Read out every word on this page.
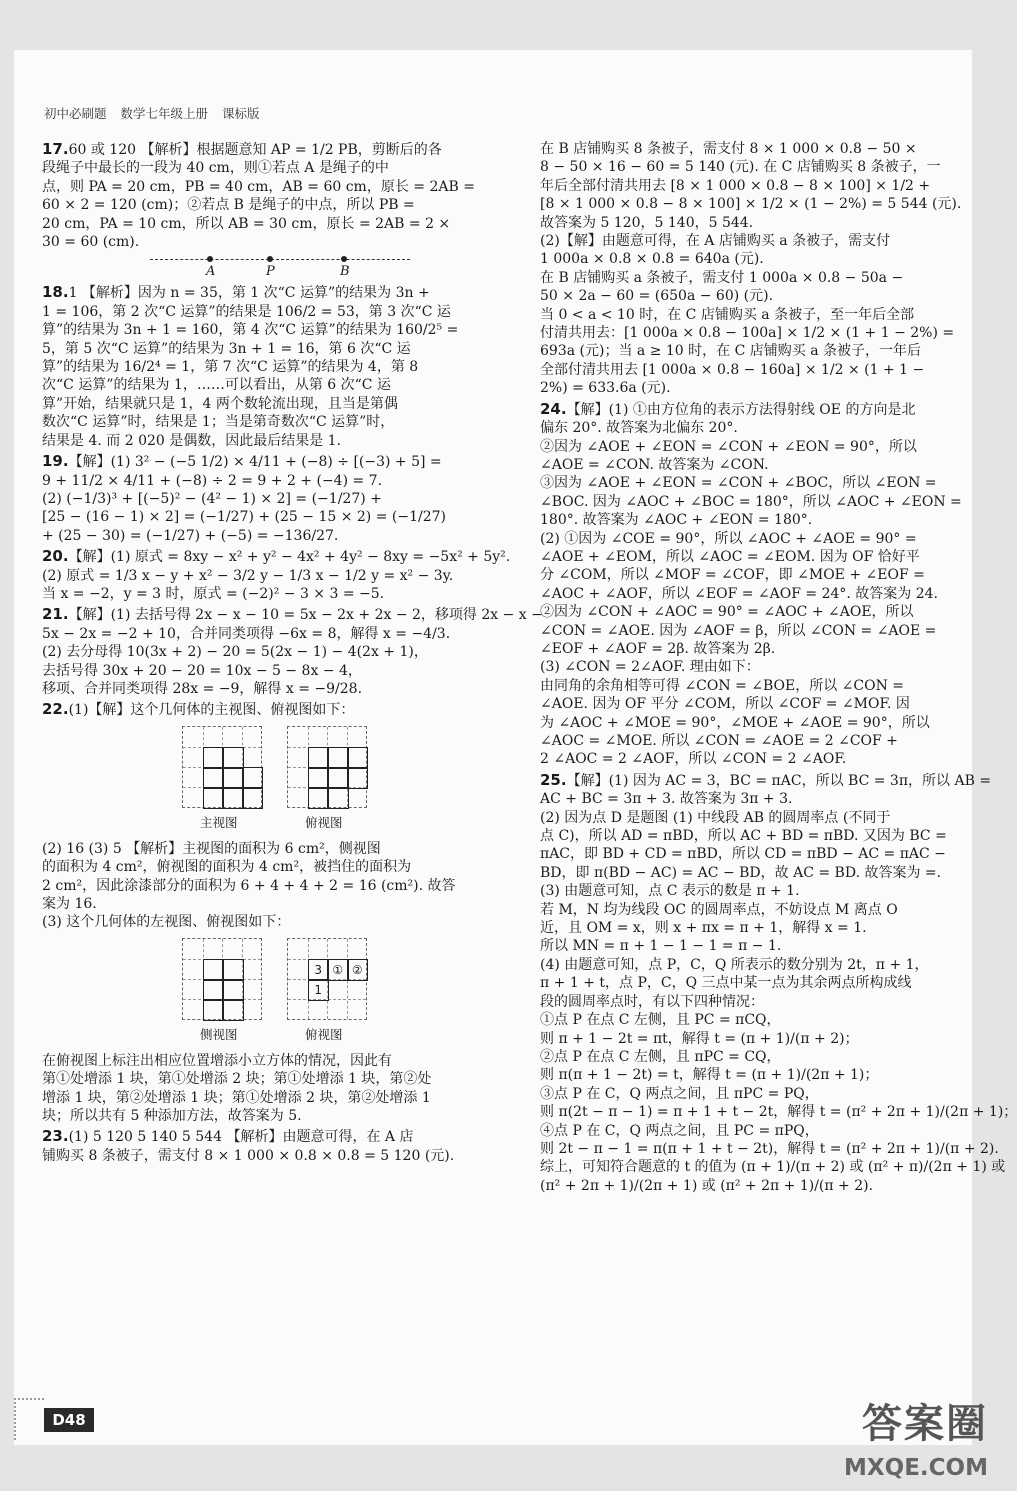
初中必刷题 数学七年级上册 课标版
17.60 或 120 【解析】根据题意知 AP = 1/2 PB，剪断后的各
段绳子中最长的一段为 40 cm，则①若点 A 是绳子的中
点，则 PA = 20 cm，PB = 40 cm，AB = 60 cm，原长 = 2AB =
60 × 2 = 120 (cm)；②若点 B 是绳子的中点，所以 PB =
20 cm，PA = 10 cm，所以 AB = 30 cm，原长 = 2AB = 2 ×
30 = 60 (cm).
A	P	B
18.1 【解析】因为 n = 35，第 1 次“C 运算”的结果为 3n +
1 = 106，第 2 次“C 运算”的结果是 106/2 = 53，第 3 次“C 运
算”的结果为 3n + 1 = 160，第 4 次“C 运算”的结果为 160/2⁵ =
5，第 5 次“C 运算”的结果为 3n + 1 = 16，第 6 次“C 运
算”的结果为 16/2⁴ = 1，第 7 次“C 运算”的结果为 4，第 8
次“C 运算”的结果为 1，……可以看出，从第 6 次“C 运
算”开始，结果就只是 1，4 两个数轮流出现，且当是第偶
数次“C 运算”时，结果是 1；当是第奇数次“C 运算”时，
结果是 4. 而 2 020 是偶数，因此最后结果是 1.
19.【解】(1) 3² − (−5 1/2) × 4/11 + (−8) ÷ [(−3) + 5] =
9 + 11/2 × 4/11 + (−8) ÷ 2 = 9 + 2 + (−4) = 7.
(2) (−1/3)³ + [(−5)² − (4² − 1) × 2] = (−1/27) +
[25 − (16 − 1) × 2] = (−1/27) + (25 − 15 × 2) = (−1/27)
+ (25 − 30) = (−1/27) + (−5) = −136/27.
20.【解】(1) 原式 = 8xy − x² + y² − 4x² + 4y² − 8xy = −5x² + 5y².
(2) 原式 = 1/3 x − y + x² − 3/2 y − 1/3 x − 1/2 y = x² − 3y.
当 x = −2，y = 3 时，原式 = (−2)² − 3 × 3 = −5.
21.【解】(1) 去括号得 2x − x − 10 = 5x − 2x + 2x − 2，移项得 2x − x −
5x − 2x = −2 + 10，合并同类项得 −6x = 8，解得 x = −4/3.
(2) 去分母得 10(3x + 2) − 20 = 5(2x − 1) − 4(2x + 1)，
去括号得 30x + 20 − 20 = 10x − 5 − 8x − 4，
移项、合并同类项得 28x = −9，解得 x = −9/28.
22.(1)【解】这个几何体的主视图、俯视图如下：
主视图	俯视图
(2) 16 (3) 5 【解析】主视图的面积为 6 cm²，侧视图
的面积为 4 cm²，俯视图的面积为 4 cm²，被挡住的面积为
2 cm²，因此涂漆部分的面积为 6 + 4 + 4 + 2 = 16 (cm²). 故答
案为 16.
(3) 这个几何体的左视图、俯视图如下：
3 ① ②
1
侧视图	俯视图
在俯视图上标注出相应位置增添小立方体的情况，因此有
第①处增添 1 块，第①处增添 2 块；第①处增添 1 块，第②处
增添 1 块，第②处增添 1 块；第①处增添 2 块，第②处增添 1
块；所以共有 5 种添加方法，故答案为 5.
23.(1) 5 120 5 140 5 544 【解析】由题意可得，在 A 店
铺购买 8 条被子，需支付 8 × 1 000 × 0.8 × 0.8 = 5 120 (元).
在 B 店铺购买 8 条被子，需支付 8 × 1 000 × 0.8 − 50 ×
8 − 50 × 16 − 60 = 5 140 (元). 在 C 店铺购买 8 条被子，一
年后全部付清共用去 [8 × 1 000 × 0.8 − 8 × 100] × 1/2 +
[8 × 1 000 × 0.8 − 8 × 100] × 1/2 × (1 − 2%) = 5 544 (元).
故答案为 5 120，5 140，5 544.
(2)【解】由题意可得，在 A 店铺购买 a 条被子，需支付
1 000a × 0.8 × 0.8 = 640a (元).
在 B 店铺购买 a 条被子，需支付 1 000a × 0.8 − 50a −
50 × 2a − 60 = (650a − 60) (元).
当 0 < a < 10 时，在 C 店铺购买 a 条被子，至一年后全部
付清共用去：[1 000a × 0.8 − 100a] × 1/2 × (1 + 1 − 2%) =
693a (元)；当 a ≥ 10 时，在 C 店铺购买 a 条被子，一年后
全部付清共用去 [1 000a × 0.8 − 160a] × 1/2 × (1 + 1 −
2%) = 633.6a (元).
24.【解】(1) ①由方位角的表示方法得射线 OE 的方向是北
偏东 20°. 故答案为北偏东 20°.
②因为 ∠AOE + ∠EON = ∠CON + ∠EON = 90°，所以
∠AOE = ∠CON. 故答案为 ∠CON.
③因为 ∠AOE + ∠EON = ∠CON + ∠BOC，所以 ∠EON =
∠BOC. 因为 ∠AOC + ∠BOC = 180°，所以 ∠AOC + ∠EON =
180°. 故答案为 ∠AOC + ∠EON = 180°.
(2) ①因为 ∠COE = 90°，所以 ∠AOC + ∠AOE = 90° =
∠AOE + ∠EOM，所以 ∠AOC = ∠EOM. 因为 OF 恰好平
分 ∠COM，所以 ∠MOF = ∠COF，即 ∠MOE + ∠EOF =
∠AOC + ∠AOF，所以 ∠EOF = ∠AOF = 24°. 故答案为 24.
②因为 ∠CON + ∠AOC = 90° = ∠AOC + ∠AOE，所以
∠CON = ∠AOE. 因为 ∠AOF = β，所以 ∠CON = ∠AOE =
∠EOF + ∠AOF = 2β. 故答案为 2β.
(3) ∠CON = 2∠AOF. 理由如下：
由同角的余角相等可得 ∠CON = ∠BOE，所以 ∠CON =
∠AOE. 因为 OF 平分 ∠COM，所以 ∠COF = ∠MOF. 因
为 ∠AOC + ∠MOE = 90°，∠MOE + ∠AOE = 90°，所以
∠AOC = ∠MOE. 所以 ∠CON = ∠AOE = 2 ∠COF +
2 ∠AOC = 2 ∠AOF，所以 ∠CON = 2 ∠AOF.
25.【解】(1) 因为 AC = 3，BC = πAC，所以 BC = 3π，所以 AB =
AC + BC = 3π + 3. 故答案为 3π + 3.
(2) 因为点 D 是题图 (1) 中线段 AB 的圆周率点 (不同于
点 C)，所以 AD = πBD，所以 AC + BD = πBD. 又因为 BC =
πAC，即 BD + CD = πBD，所以 CD = πBD − AC = πAC −
BD，即 π(BD − AC) = AC − BD，故 AC = BD. 故答案为 =.
(3) 由题意可知，点 C 表示的数是 π + 1.
若 M，N 均为线段 OC 的圆周率点，不妨设点 M 离点 O
近，且 OM = x，则 x + πx = π + 1，解得 x = 1.
所以 MN = π + 1 − 1 − 1 = π − 1.
(4) 由题意可知，点 P，C，Q 所表示的数分别为 2t，π + 1，
π + 1 + t，点 P，C，Q 三点中某一点为其余两点所构成线
段的圆周率点时，有以下四种情况：
①点 P 在点 C 左侧，且 PC = πCQ，
则 π + 1 − 2t = πt，解得 t = (π + 1)/(π + 2)；
②点 P 在点 C 左侧，且 πPC = CQ，
则 π(π + 1 − 2t) = t，解得 t = (π + 1)/(2π + 1)；
③点 P 在 C，Q 两点之间，且 πPC = PQ，
则 π(2t − π − 1) = π + 1 + t − 2t，解得 t = (π² + 2π + 1)/(2π + 1)；
④点 P 在 C，Q 两点之间，且 PC = πPQ，
则 2t − π − 1 = π(π + 1 + t − 2t)，解得 t = (π² + 2π + 1)/(π + 2).
综上，可知符合题意的 t 的值为 (π + 1)/(π + 2) 或 (π² + π)/(2π + 1) 或
(π² + 2π + 1)/(2π + 1) 或 (π² + 2π + 1)/(π + 2).
D48	答案圈
MXQE.COM
